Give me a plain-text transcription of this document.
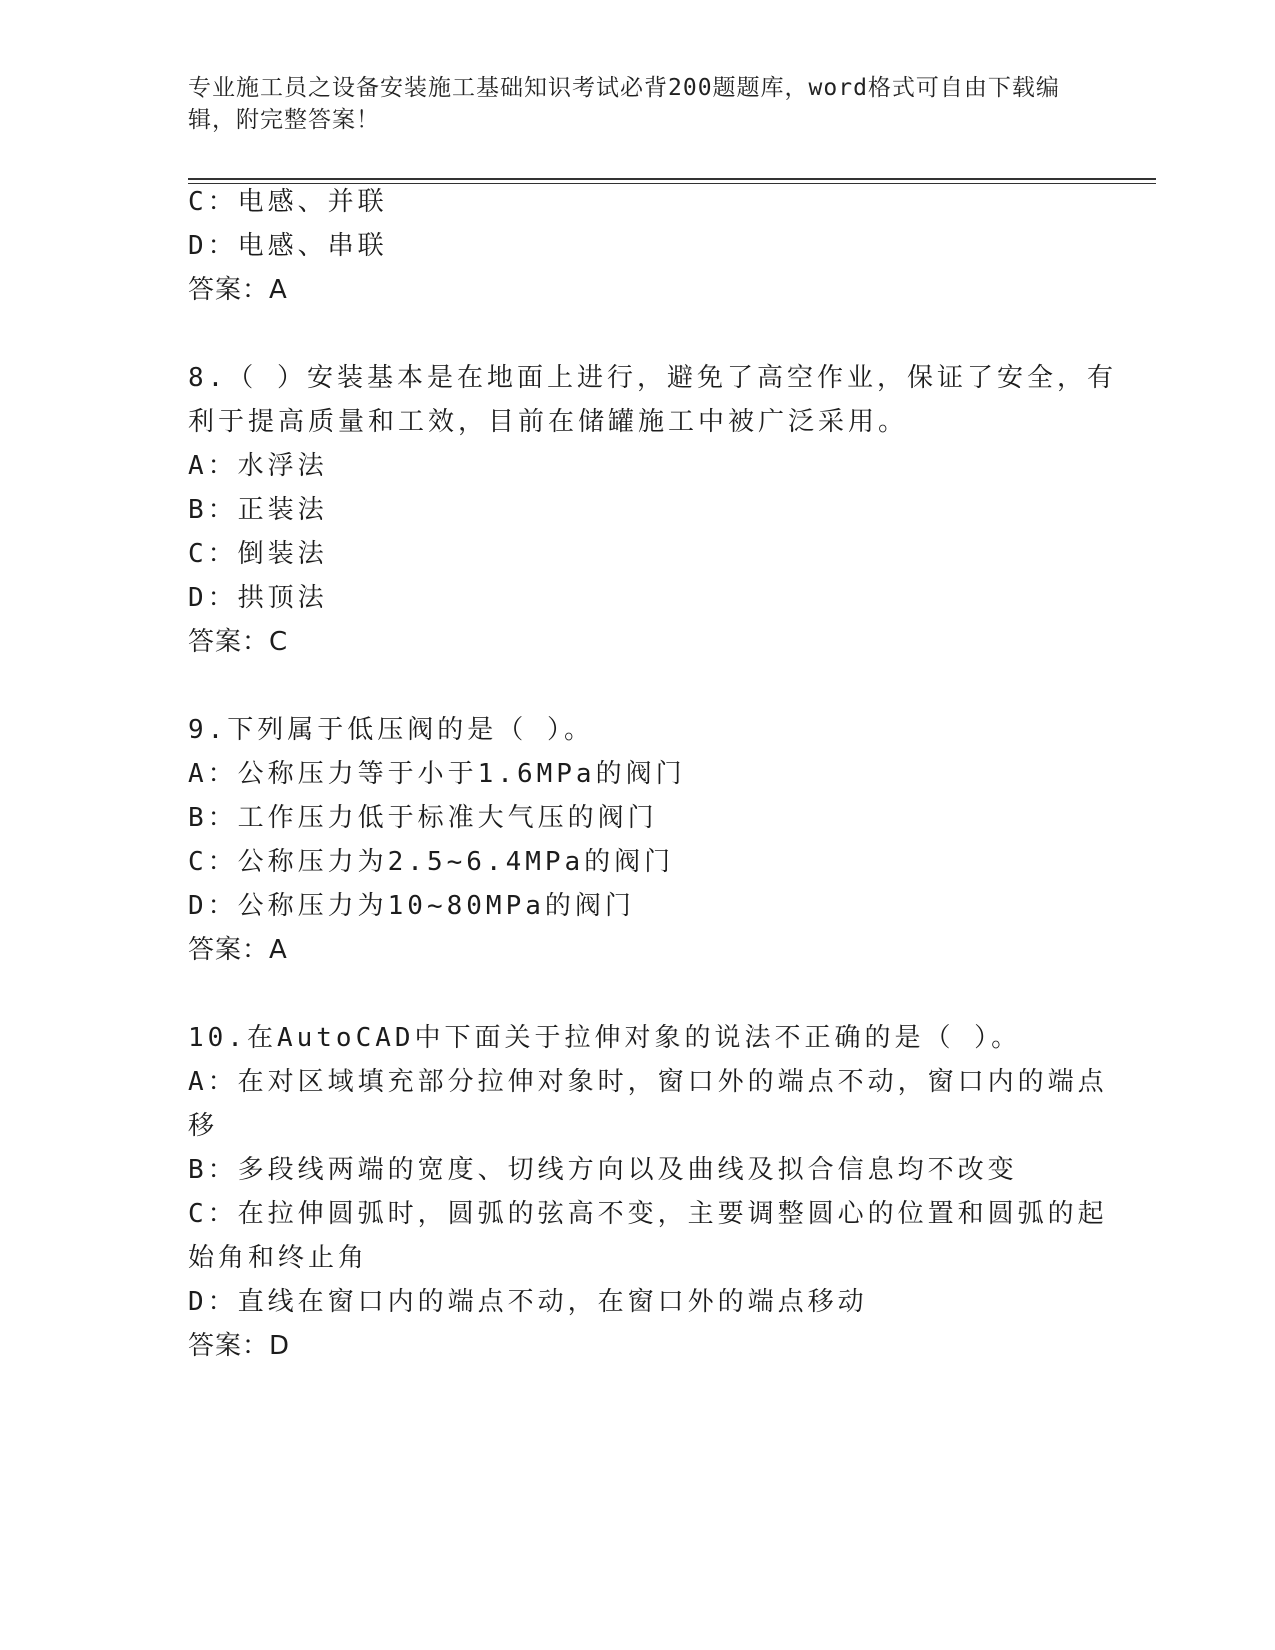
专业施工员之设备安装施工基础知识考试必背200题题库，word格式可自由下载编辑，附完整答案！
C：电感、并联
D：电感、串联
答案：A
8.（ ）安装基本是在地面上进行，避免了高空作业，保证了安全，有
利于提高质量和工效，目前在储罐施工中被广泛采用。
A：水浮法
B：正装法
C：倒装法
D：拱顶法
答案：C
9.下列属于低压阀的是（ ）。
A：公称压力等于小于1.6MPa的阀门
B：工作压力低于标准大气压的阀门
C：公称压力为2.5~6.4MPa的阀门
D：公称压力为10~80MPa的阀门
答案：A
10.在AutoCAD中下面关于拉伸对象的说法不正确的是（ ）。
A：在对区域填充部分拉伸对象时，窗口外的端点不动，窗口内的端点
移
B：多段线两端的宽度、切线方向以及曲线及拟合信息均不改变
C：在拉伸圆弧时，圆弧的弦高不变，主要调整圆心的位置和圆弧的起
始角和终止角
D：直线在窗口内的端点不动，在窗口外的端点移动
答案：D
